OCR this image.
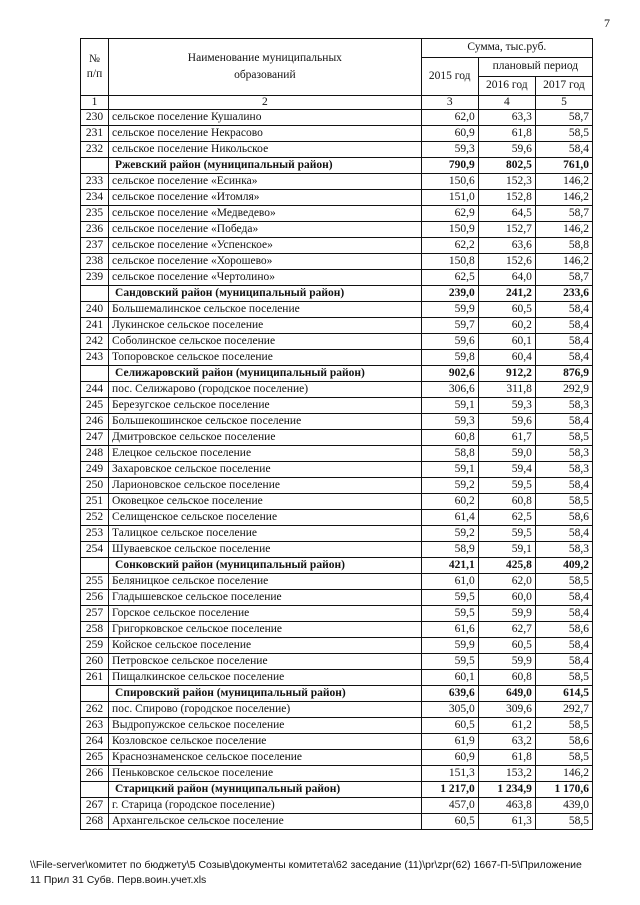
7
№ п/п	Наименование муниципальных образований	Сумма, тыс.руб.		
		2015 год	плановый период	
			2016 год	2017 год
1	2	3	4	5
230	сельское поселение Кушалино	62,0	63,3	58,7
231	сельское поселение Некрасово	60,9	61,8	58,5
232	сельское поселение Никольское	59,3	59,6	58,4
	Ржевский район (муниципальный район)	790,9	802,5	761,0
233	сельское поселение «Есинка»	150,6	152,3	146,2
234	сельское поселение «Итомля»	151,0	152,8	146,2
235	сельское поселение «Медведево»	62,9	64,5	58,7
236	сельское поселение «Победа»	150,9	152,7	146,2
237	сельское поселение «Успенское»	62,2	63,6	58,8
238	сельское поселение «Хорошево»	150,8	152,6	146,2
239	сельское поселение «Чертолино»	62,5	64,0	58,7
	Сандовский район (муниципальный район)	239,0	241,2	233,6
240	Большемалинское сельское поселение	59,9	60,5	58,4
241	Лукинское сельское поселение	59,7	60,2	58,4
242	Соболинское сельское поселение	59,6	60,1	58,4
243	Топоровское сельское поселение	59,8	60,4	58,4
	Селижаровский район (муниципальный район)	902,6	912,2	876,9
244	пос. Селижарово (городское поселение)	306,6	311,8	292,9
245	Березугское сельское поселение	59,1	59,3	58,3
246	Большекошинское сельское поселение	59,3	59,6	58,4
247	Дмитровское сельское поселение	60,8	61,7	58,5
248	Елецкое сельское поселение	58,8	59,0	58,3
249	Захаровское сельское поселение	59,1	59,4	58,3
250	Ларионовское сельское поселение	59,2	59,5	58,4
251	Оковецкое сельское поселение	60,2	60,8	58,5
252	Селищенское сельское поселение	61,4	62,5	58,6
253	Талицкое сельское поселение	59,2	59,5	58,4
254	Шуваевское сельское поселение	58,9	59,1	58,3
	Сонковский район (муниципальный район)	421,1	425,8	409,2
255	Беляницкое сельское поселение	61,0	62,0	58,5
256	Гладышевское сельское поселение	59,5	60,0	58,4
257	Горское сельское поселение	59,5	59,9	58,4
258	Григорковское сельское поселение	61,6	62,7	58,6
259	Койское сельское поселение	59,9	60,5	58,4
260	Петровское сельское поселение	59,5	59,9	58,4
261	Пищалкинское сельское поселение	60,1	60,8	58,5
	Спировский район (муниципальный район)	639,6	649,0	614,5
262	пос. Спирово (городское поселение)	305,0	309,6	292,7
263	Выдропужское сельское поселение	60,5	61,2	58,5
264	Козловское сельское поселение	61,9	63,2	58,6
265	Краснознаменское сельское поселение	60,9	61,8	58,5
266	Пеньковское сельское поселение	151,3	153,2	146,2
	Старицкий район (муниципальный район)	1 217,0	1 234,9	1 170,6
267	г. Старица (городское поселение)	457,0	463,8	439,0
268	Архангельское сельское поселение	60,5	61,3	58,5
\\File-server\комитет по бюджету\5 Созыв\документы комитета\62 заседание (11)\pr\zpr(62) 1667-П-5\Приложение 11 Прил 31 Субв. Перв.воин.учет.xls
